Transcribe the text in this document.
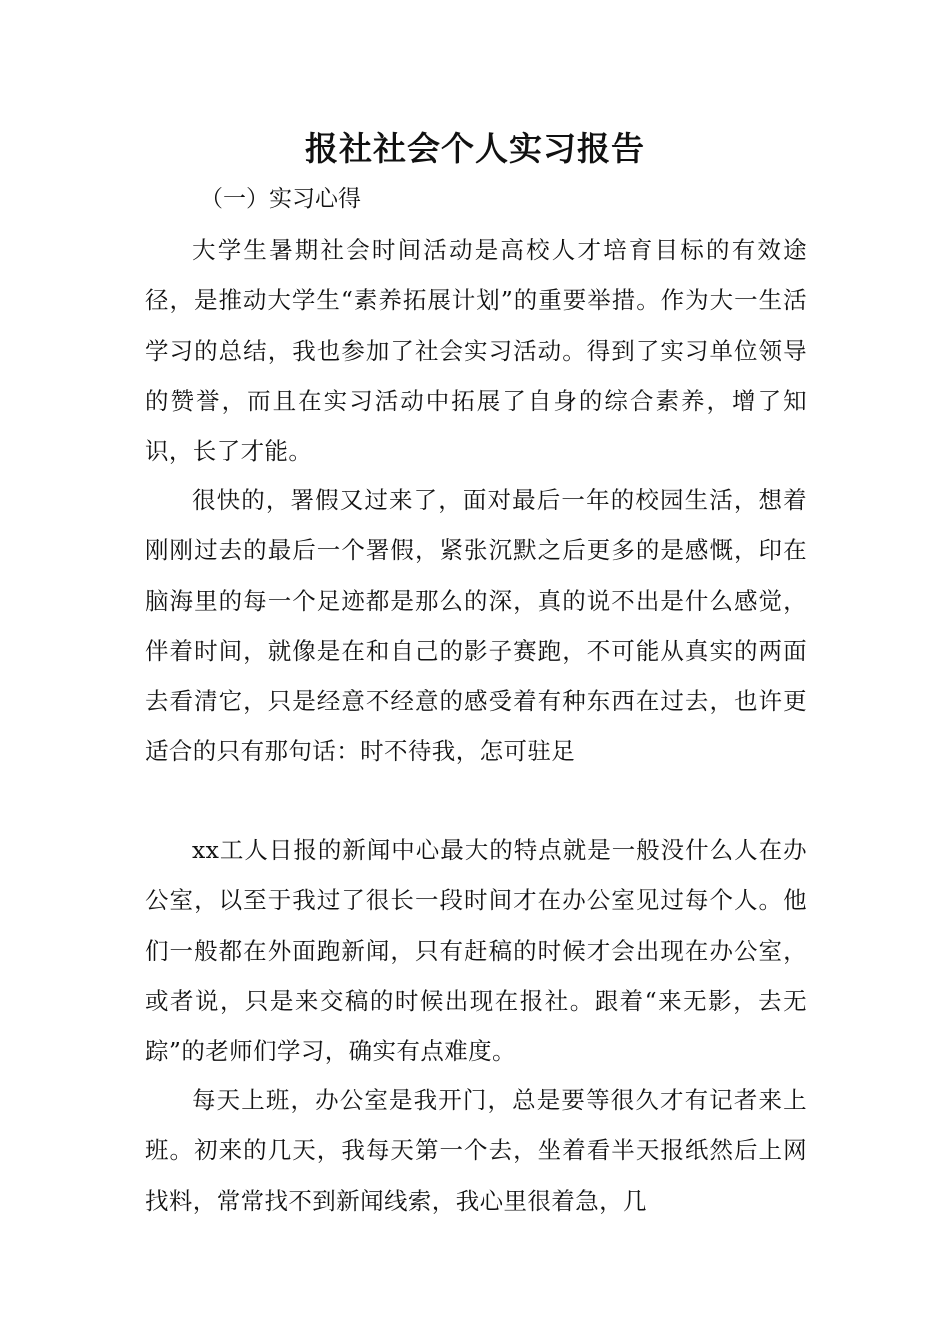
报社社会个人实习报告

（一）实习心得

大学生暑期社会时间活动是高校人才培育目标的有效途径，是推动大学生“素养拓展计划”的重要举措。作为大一生活学习的总结，我也参加了社会实习活动。得到了实习单位领导的赞誉，而且在实习活动中拓展了自身的综合素养，增了知识，长了才能。

很快的，署假又过来了，面对最后一年的校园生活，想着刚刚过去的最后一个署假，紧张沉默之后更多的是感慨，印在脑海里的每一个足迹都是那么的深，真的说不出是什么感觉，伴着时间，就像是在和自己的影子赛跑，不可能从真实的两面去看清它，只是经意不经意的感受着有种东西在过去，也许更适合的只有那句话：时不待我，怎可驻足

xx工人日报的新闻中心最大的特点就是一般没什么人在办公室，以至于我过了很长一段时间才在办公室见过每个人。他们一般都在外面跑新闻，只有赶稿的时候才会出现在办公室，或者说，只是来交稿的时候出现在报社。跟着“来无影，去无踪”的老师们学习，确实有点难度。

每天上班，办公室是我开门，总是要等很久才有记者来上班。初来的几天，我每天第一个去，坐着看半天报纸然后上网找料，常常找不到新闻线索，我心里很着急，几
